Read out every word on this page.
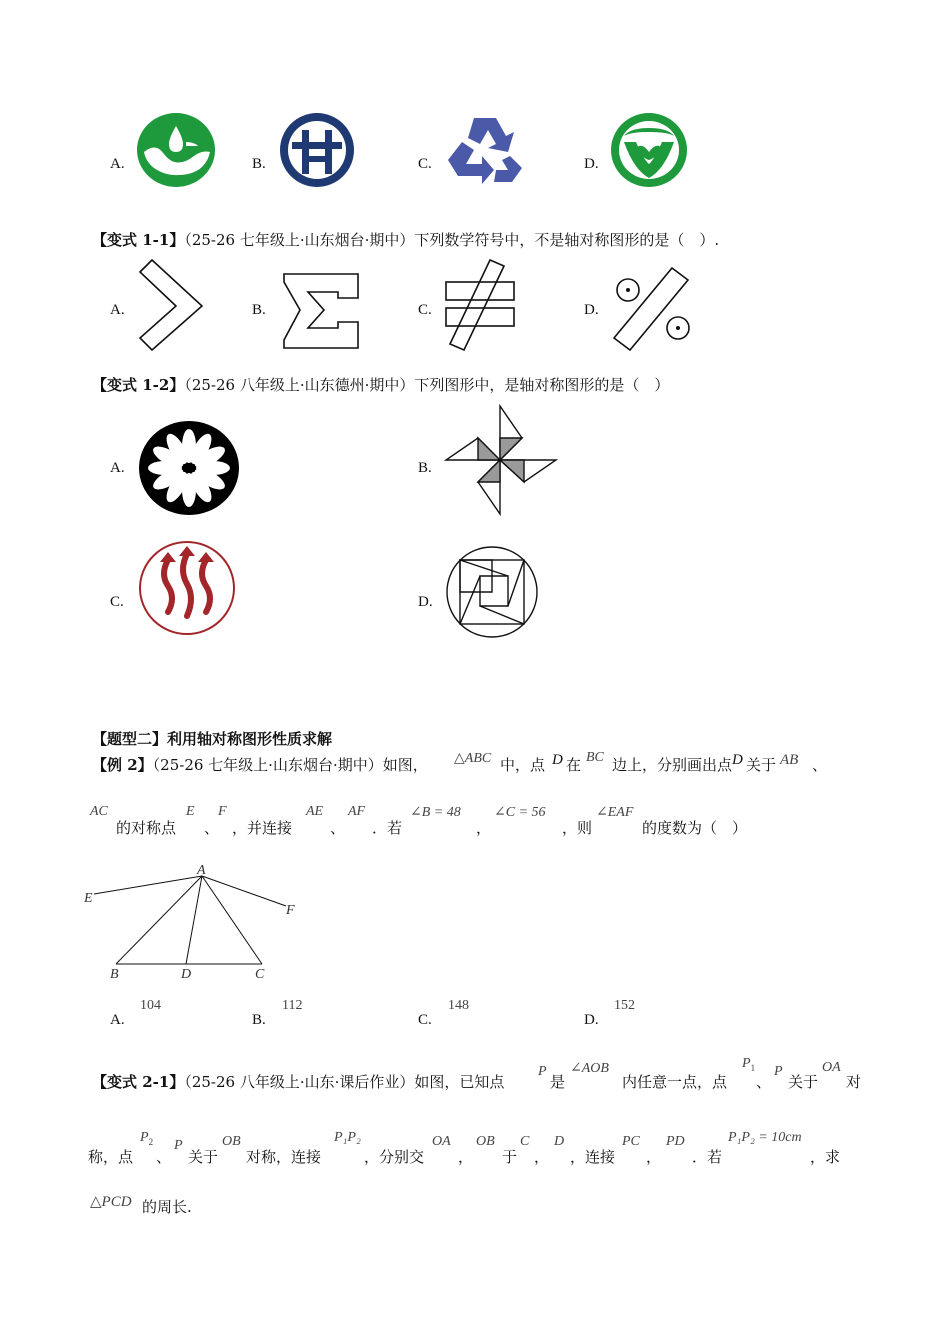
A.	B.	C.	D.
【变式 1-1】（25-26 七年级上·山东烟台·期中）下列数学符号中，不是轴对称图形的是（　）.
A.	B.	C.	D.
【变式 1-2】（25-26 八年级上·山东德州·期中）下列图形中，是轴对称图形的是（　）
A.	B.
C.	D.
【题型二】利用轴对称图形性质求解
【例 2】（25-26 七年级上·山东烟台·期中）如图， △ABC 中，点 D 在 BC 边上，分别画出点 D 关于 AB 、
AC
的对称点
E
、
F
，并连接
AE
、
AF
．若
∠B = 48
，
∠C = 56
，则
∠EAF
的度数为（　）
A
E
F
B	D	C
A.
104
B.
112
C.
148
D.
152
【变式 2-1】（25-26 八年级上·山东·课后作业）如图，已知点
P
是
∠AOB
内任意一点，点
$P_1$
、
P
关于
OA
对
称，点
$P_2$
、
P
关于
OB
对称，连接
P₁P₂
，分别交
OA
，
OB
于
C
，
D
，连接
PC
，
PD
．若
P₁P₂ = 10cm
，求
△PCD 的周长.
